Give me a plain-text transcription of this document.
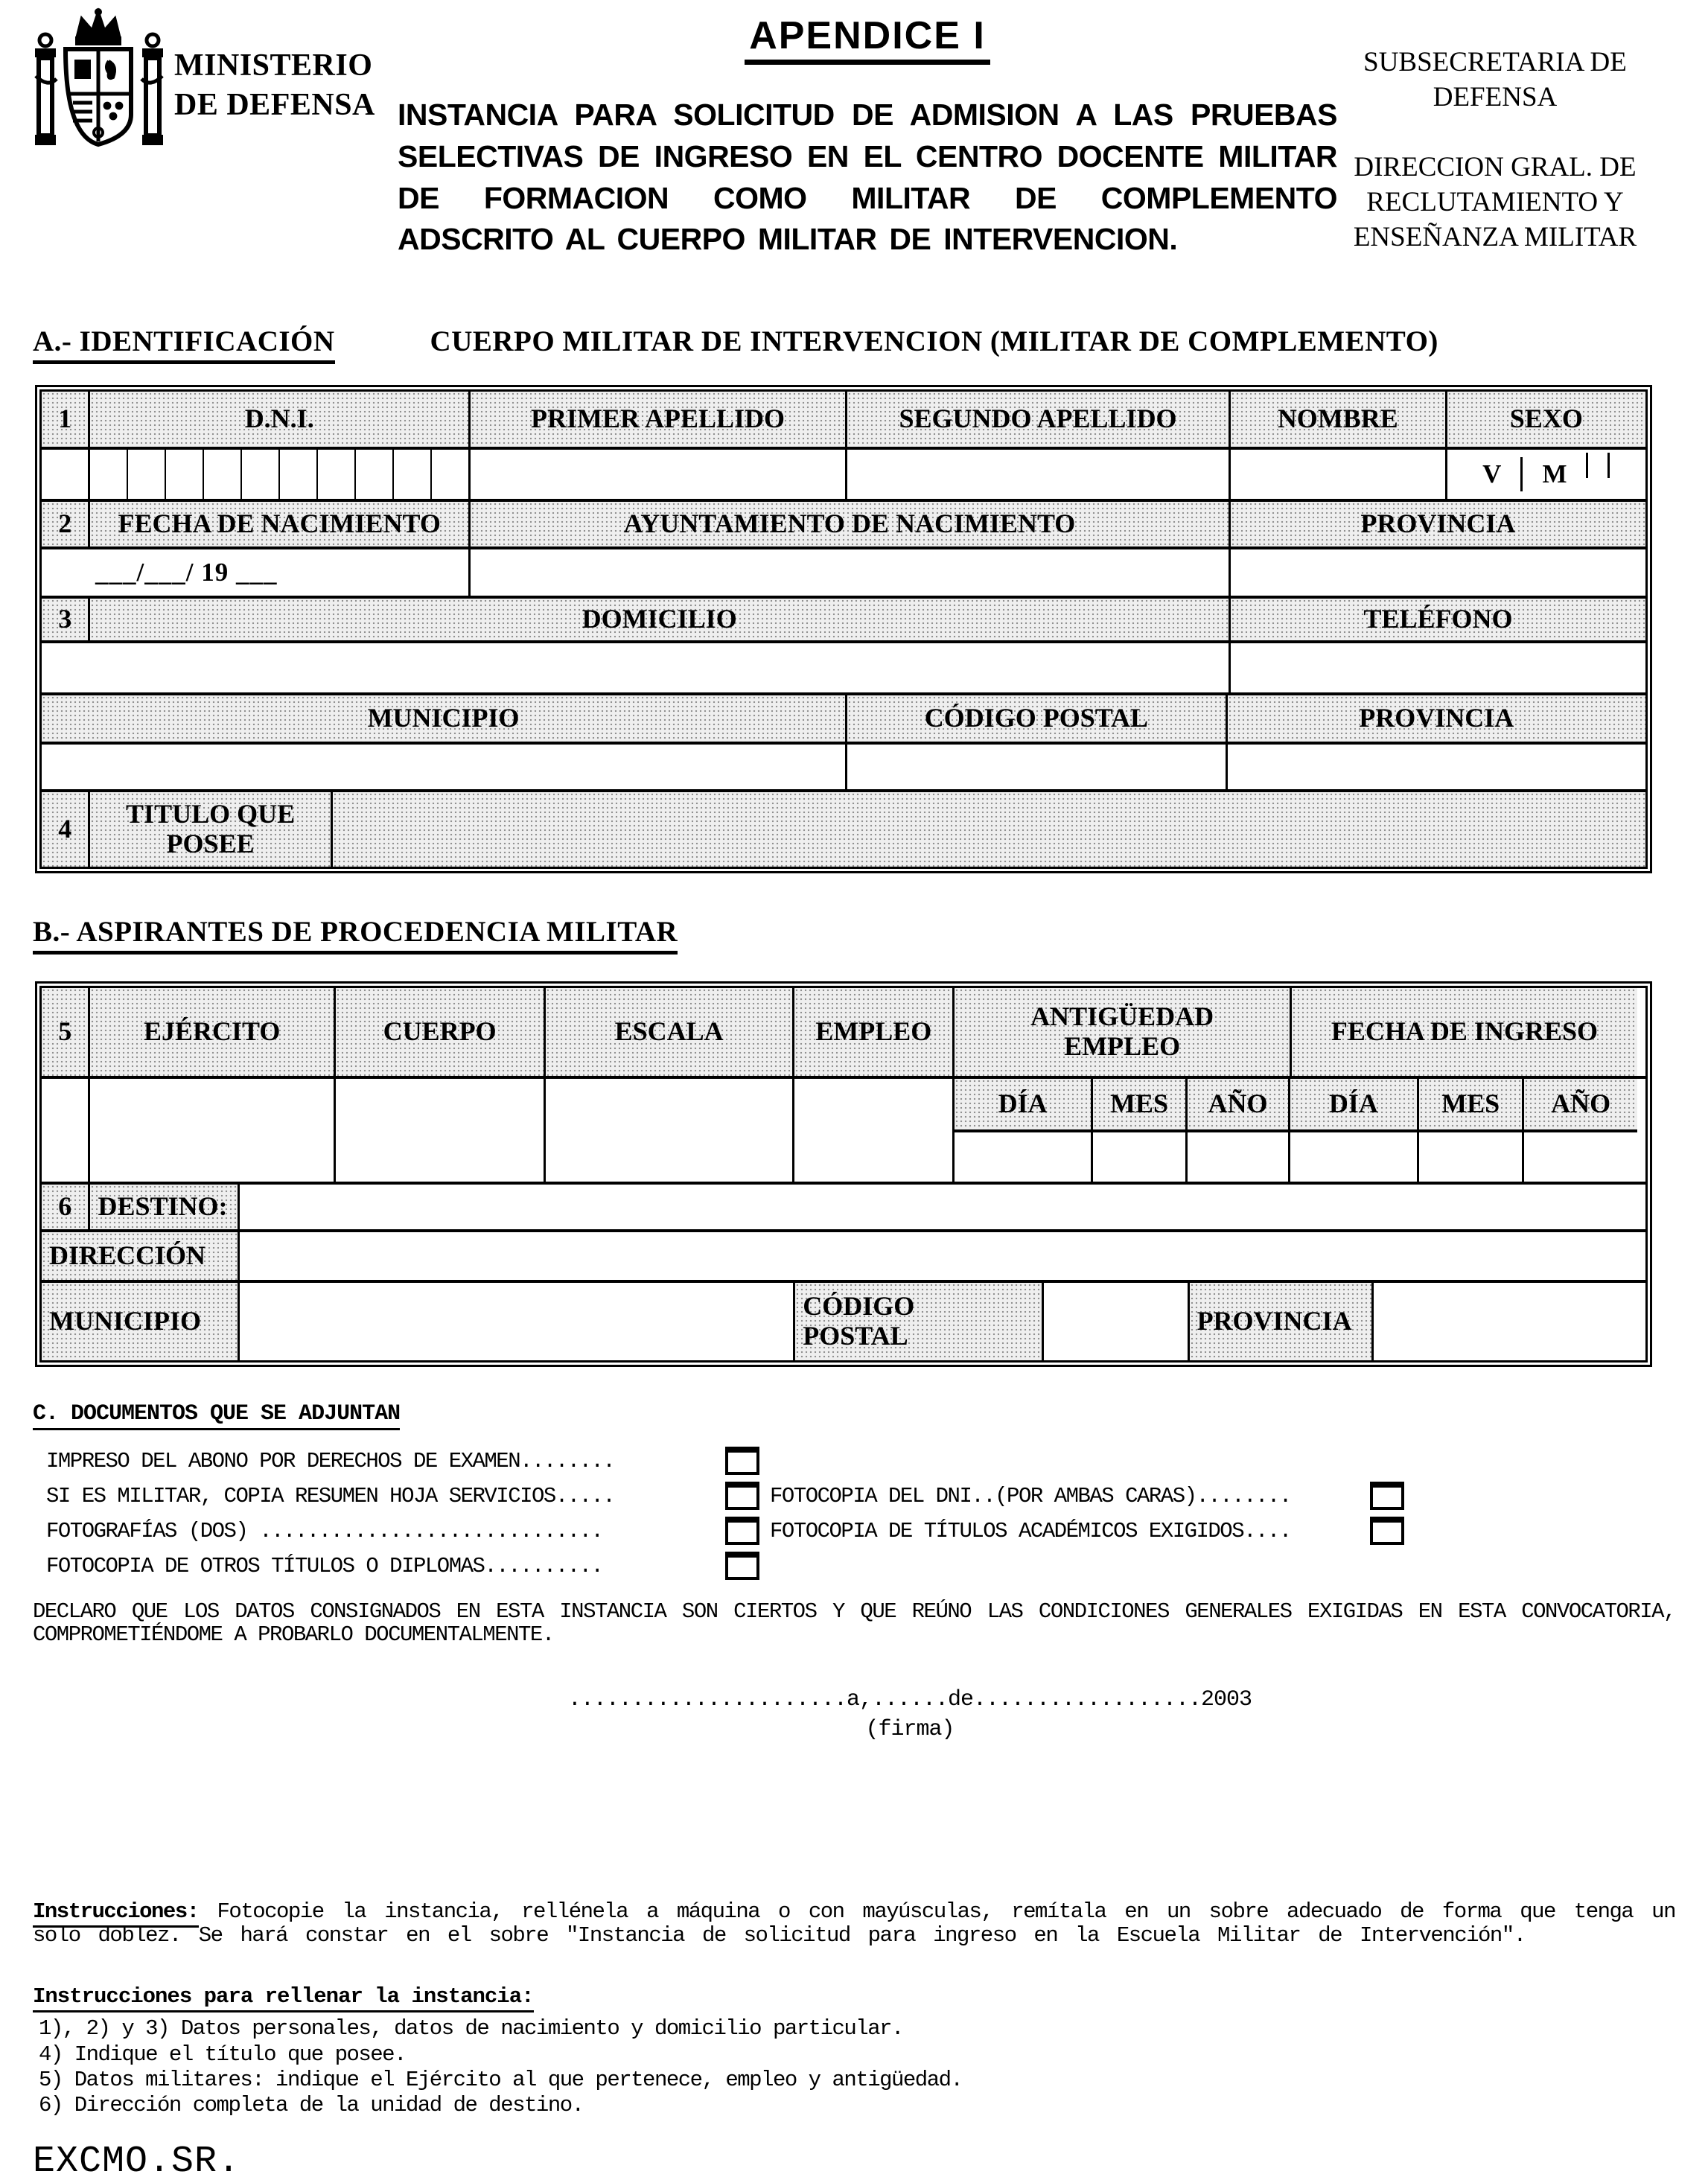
MINISTERIO
DE DEFENSA
APENDICE I
INSTANCIA PARA SOLICITUD DE ADMISION A LAS PRUEBAS SELECTIVAS DE INGRESO EN EL CENTRO DOCENTE MILITAR DE FORMACION COMO MILITAR DE COMPLEMENTO ADSCRITO AL CUERPO MILITAR DE INTERVENCION.
SUBSECRETARIA DE DEFENSA
DIRECCION GRAL. DE RECLUTAMIENTO Y ENSEÑANZA MILITAR
A.- IDENTIFICACIÓN	CUERPO MILITAR DE INTERVENCION (MILITAR DE COMPLEMENTO)
1	D.N.I.	PRIMER APELLIDO	SEGUNDO APELLIDO	NOMBRE	SEXO
V M
2	FECHA DE NACIMIENTO	AYUNTAMIENTO DE NACIMIENTO	PROVINCIA
___/___/ 19 ___
3	DOMICILIO	TELÉFONO
MUNICIPIO	CÓDIGO POSTAL	PROVINCIA
4	TITULO QUE POSEE
B.- ASPIRANTES DE PROCEDENCIA MILITAR
5	EJÉRCITO	CUERPO	ESCALA	EMPLEO	ANTIGÜEDAD EMPLEO	FECHA DE INGRESO
DÍA	MES	AÑO	DÍA	MES	AÑO
6 DESTINO:
DIRECCIÓN
MUNICIPIO	CÓDIGO POSTAL	PROVINCIA
C. DOCUMENTOS QUE SE ADJUNTAN
IMPRESO DEL ABONO POR DERECHOS DE EXAMEN........
SI ES MILITAR, COPIA RESUMEN HOJA SERVICIOS.....	FOTOCOPIA DEL DNI..(POR AMBAS CARAS)........
FOTOGRAFÍAS (DOS) .............................	FOTOCOPIA DE TÍTULOS ACADÉMICOS EXIGIDOS....
FOTOCOPIA DE OTROS TÍTULOS O DIPLOMAS..........
DECLARO QUE LOS DATOS CONSIGNADOS EN ESTA INSTANCIA SON CIERTOS Y QUE REÚNO LAS CONDICIONES GENERALES EXIGIDAS EN ESTA CONVOCATORIA, COMPROMETIÉNDOME A PROBARLO DOCUMENTALMENTE.
......................a,......de..................2003
(firma)
Instrucciones: Fotocopie la instancia, rellénela a máquina o con mayúsculas, remítala en un sobre adecuado de forma que tenga un solo doblez. Se hará constar en el sobre "Instancia de solicitud para ingreso en la Escuela Militar de Intervención".
Instrucciones para rellenar la instancia:
1), 2) y 3) Datos personales, datos de nacimiento y domicilio particular.
4) Indique el título que posee.
5) Datos militares: indique el Ejército al que pertenece, empleo y antigüedad.
6) Dirección completa de la unidad de destino.
EXCMO.SR.
